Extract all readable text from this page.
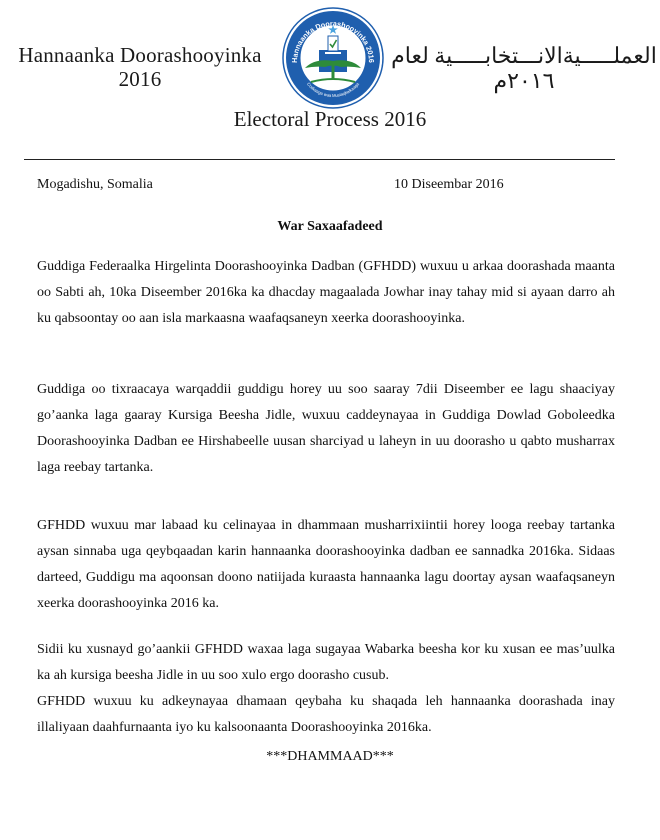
Hannaanka Doorashooyinka
2016
Hannaanka Doorashooyinka 2016
Codkaaga waa Mustaqbalkaaga
العملـــــيةالانـــتخابـــــية لعام
٢٠١٦م
Electoral Process 2016
Mogadishu, Somalia	10 Diseembar 2016
War Saxaafadeed

Guddiga Federaalka Hirgelinta Doorashooyinka Dadban (GFHDD) wuxuu u arkaa doorashada maanta oo Sabti ah, 10ka Diseember 2016ka ka dhacday magaalada Jowhar inay tahay mid si ayaan darro ah ku qabsoontay oo aan isla markaasna waafaqsaneyn xeerka doorashooyinka.

Guddiga oo tixraacaya warqaddii guddigu horey uu soo saaray 7dii Diseember ee lagu shaaciyay go’aanka laga gaaray Kursiga Beesha Jidle, wuxuu caddeynayaa in Guddiga Dowlad Goboleedka Doorashooyinka Dadban ee Hirshabeelle uusan sharciyad u laheyn in uu doorasho u qabto musharrax laga reebay tartanka.

GFHDD wuxuu mar labaad ku celinayaa in dhammaan musharrixiintii horey looga reebay tartanka aysan sinnaba uga qeybqaadan karin hannaanka doorashooyinka dadban ee sannadka 2016ka. Sidaas darteed, Guddigu ma aqoonsan doono natiijada kuraasta hannaanka lagu doortay aysan waafaqsaneyn xeerka doorashooyinka 2016 ka.

Sidii ku xusnayd go’aankii GFHDD waxaa laga sugayaa Wabarka beesha kor ku xusan ee mas’uulka ka ah kursiga beesha Jidle in uu soo xulo ergo doorasho cusub.

GFHDD wuxuu ku adkeynayaa dhamaan qeybaha ku shaqada leh hannaanka doorashada inay illaliyaan daahfurnaanta iyo ku kalsoonaanta Doorashooyinka 2016ka.

***DHAMMAAD***
